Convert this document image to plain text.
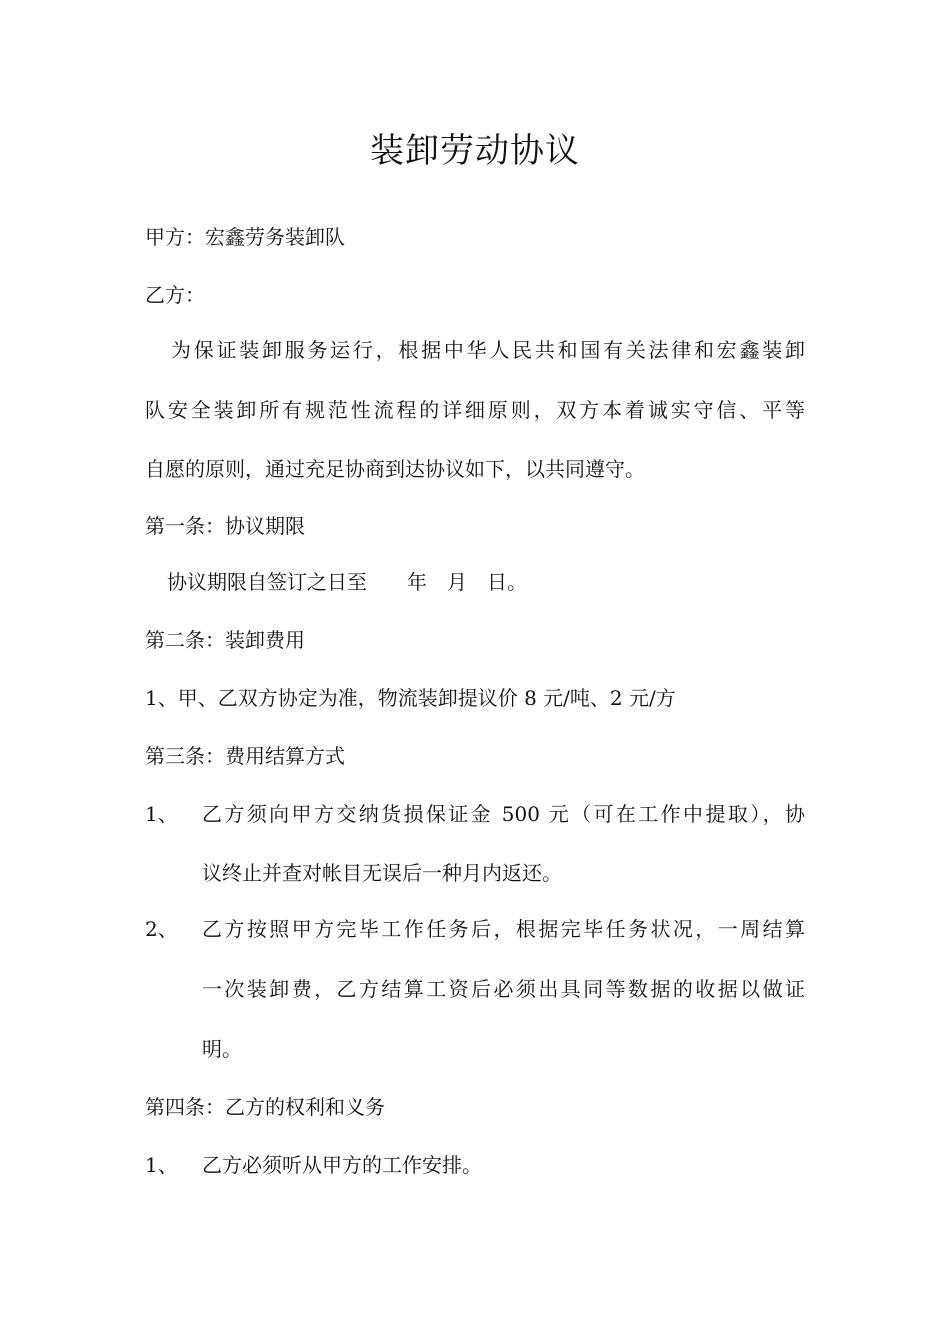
装卸劳动协议
甲方：宏鑫劳务装卸队
乙方：
为保证装卸服务运行，根据中华人民共和国有关法律和宏鑫装卸
队安全装卸所有规范性流程的详细原则，双方本着诚实守信、平等
自愿的原则，通过充足协商到达协议如下，以共同遵守。
第一条：协议期限
协议期限自签订之日至　　年　月　日。
第二条：装卸费用
1、甲、乙双方协定为准，物流装卸提议价 8 元/吨、2 元/方
第三条：费用结算方式
1、 乙方须向甲方交纳货损保证金 500 元（可在工作中提取），协
议终止并查对帐目无误后一种月内返还。
2、 乙方按照甲方完毕工作任务后，根据完毕任务状况，一周结算
一次装卸费，乙方结算工资后必须出具同等数据的收据以做证
明。
第四条：乙方的权利和义务
1、 乙方必须听从甲方的工作安排。
